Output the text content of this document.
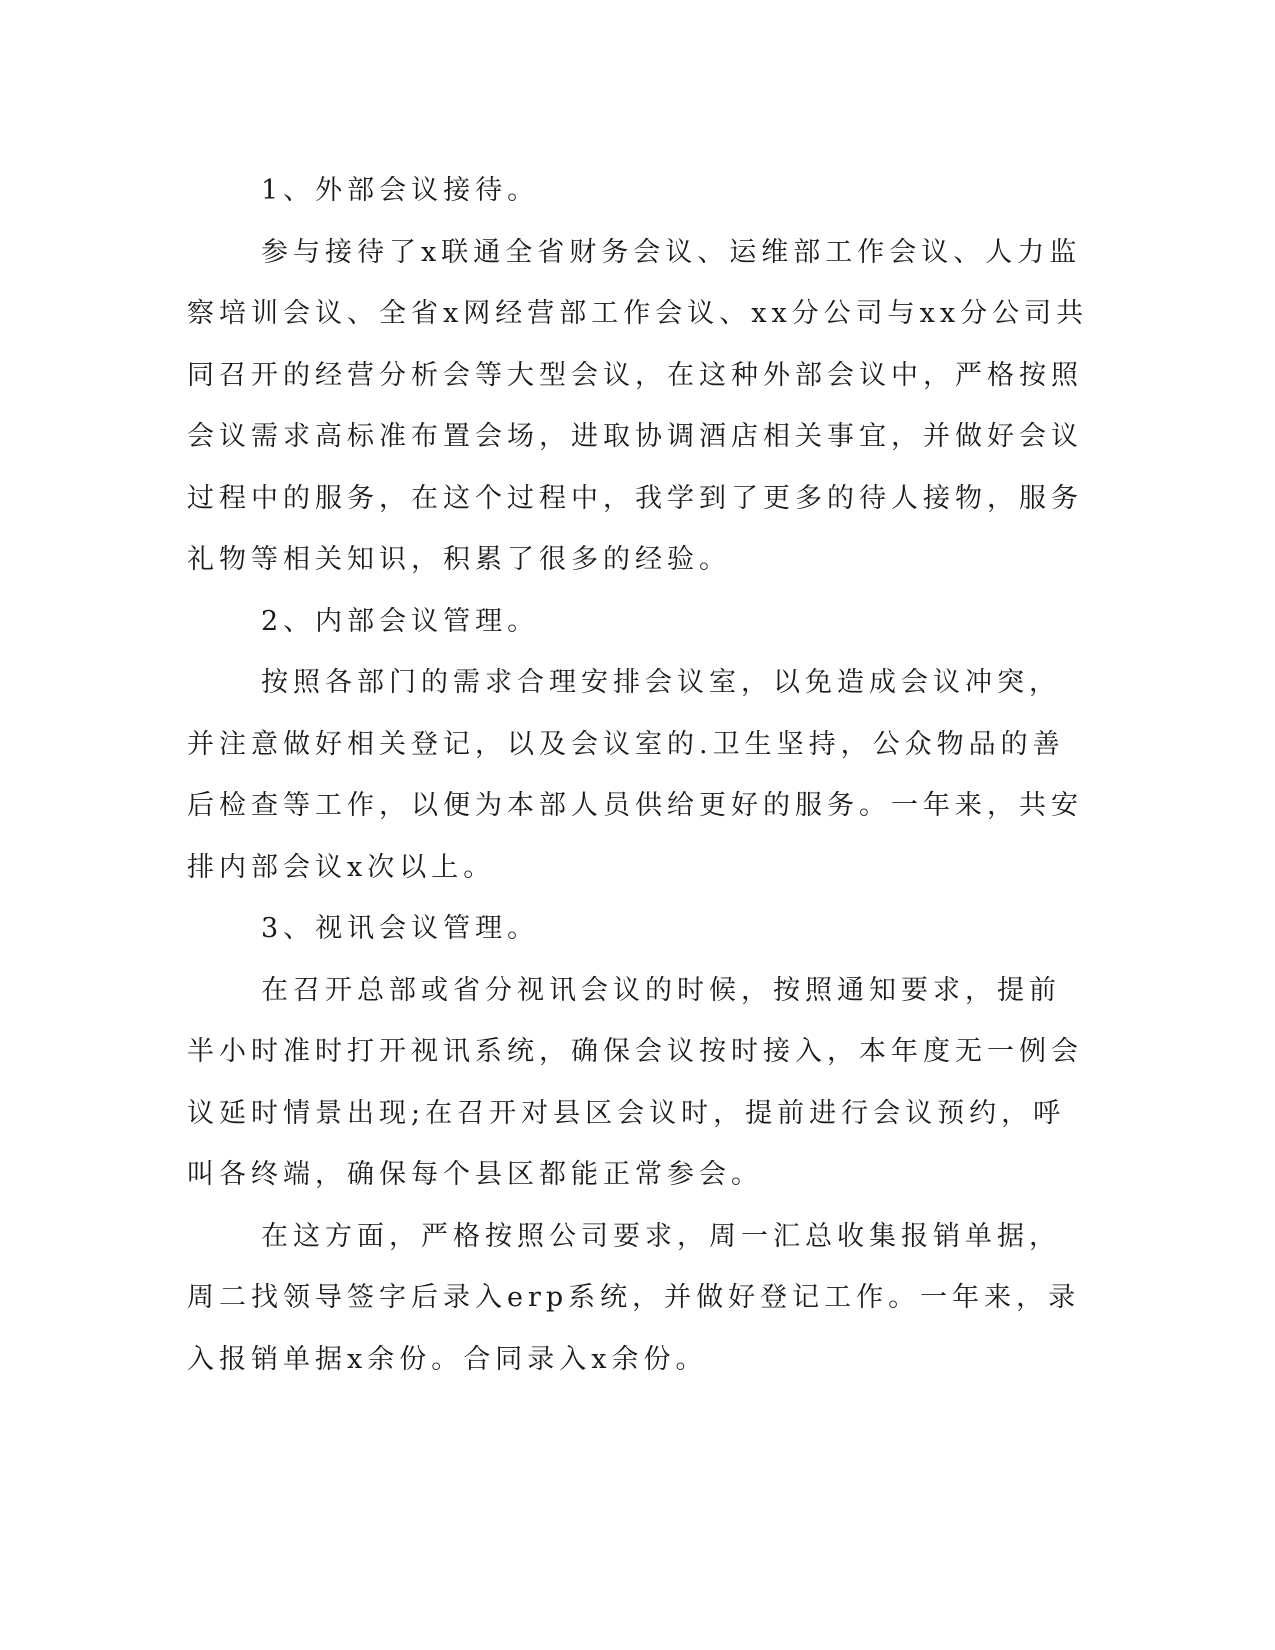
1、外部会议接待。

参与接待了x联通全省财务会议、运维部工作会议、人力监察培训会议、全省x网经营部工作会议、xx分公司与xx分公司共同召开的经营分析会等大型会议，在这种外部会议中，严格按照会议需求高标准布置会场，进取协调酒店相关事宜，并做好会议过程中的服务，在这个过程中，我学到了更多的待人接物，服务礼物等相关知识，积累了很多的经验。

2、内部会议管理。

按照各部门的需求合理安排会议室，以免造成会议冲突，并注意做好相关登记，以及会议室的.卫生坚持，公众物品的善后检查等工作，以便为本部人员供给更好的服务。一年来，共安排内部会议x次以上。

3、视讯会议管理。

在召开总部或省分视讯会议的时候，按照通知要求，提前半小时准时打开视讯系统，确保会议按时接入，本年度无一例会议延时情景出现;在召开对县区会议时，提前进行会议预约，呼叫各终端，确保每个县区都能正常参会。

在这方面，严格按照公司要求，周一汇总收集报销单据，周二找领导签字后录入erp系统，并做好登记工作。一年来，录入报销单据x余份。合同录入x余份。
